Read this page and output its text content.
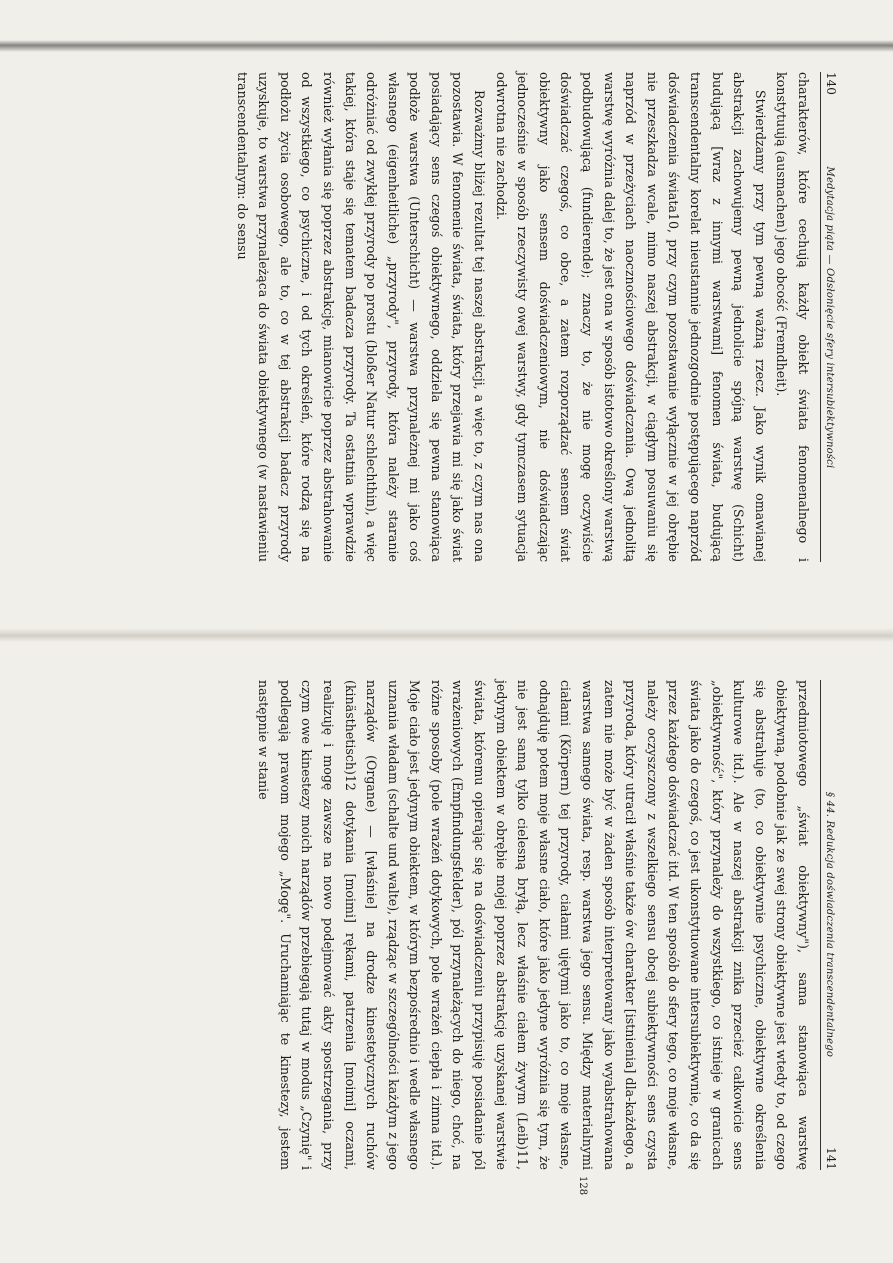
140
Medytacja piąta — Odsłonięcie sfery intersubiektywności

charakterów, które cechują każdy obiekt świata fenomenalnego i konstytuują (ausmachen) jego obcość (Fremdheit).

Stwierdzamy przy tym pewną ważną rzecz. Jako wynik omawianej abstrakcji zachowujemy pewną jednolicie spójną warstwę (Schicht) budującą [wraz z innymi warstwami] fenomen świata, budującą transcendentalny korelat nieustannie jednozgodnie postępującego naprzód doświadczenia świata10, przy czym pozostawanie wyłącznie w jej obrębie nie przeszkadza wcale, mimo naszej abstrakcji, w ciągłym posuwaniu się naprzód w przeżyciach naocznościowego doświadczania. Ową jednolitą warstwę wyróżnia dalej to, że jest ona w sposób istotowo określony warstwą podbudowującą (fundierende); znaczy to, że nie mogę oczywiście doświadczać czegoś, co obce, a zatem rozporządzać sensem świat obiektywny jako sensem doświadczeniowym, nie doświadczając jednocześnie w sposób rzeczywisty owej warstwy, gdy tymczasem sytuacja odwrotna nie zachodzi.

Rozważmy bliżej rezultat tej naszej abstrakcji, a więc to, z czym nas ona pozostawia. W fenomenie świata, świata, który przejawia mi się jako świat posiadający sens czegoś obiektywnego, oddziela się pewna stanowiąca podłoże warstwa (Unterschicht) — warstwa przynależnej mi jako coś własnego (eigenheitliche) „przyrody", przyrody, która należy staranie odróżniać od zwykłej przyrody po prostu (bloßer Natur schlechthin), a więc takiej, która staje się tematem badacza przyrody. Ta ostatnia wprawdzie również wyłania się poprzez abstrakcję, mianowicie poprzez abstrahowanie od wszystkiego, co psychiczne, i od tych określeń, które rodzą się na podłożu życia osobowego, ale to, co w tej abstrakcji badacz przyrody uzyskuje, to warstwa przynależąca do świata obiektywnego (w nastawieniu transcendentalnym: do sensu

§ 44. Redukcja doświadczenia transcendentalnego
141

przedmiotowego „świat obiektywny"), sama stanowiąca warstwę obiektywną, podobnie jak ze swej strony obiektywne jest wtedy to, od czego się abstrahuje (to, co obiektywnie psychiczne, obiektywne określenia kulturowe itd.). Ale w naszej abstrakcji znika przecież całkowicie sens „obiektywność", który przynależy do wszystkiego, co istnieje w granicach świata jako do czegoś, co jest ukonstytuowane intersubiektywnie, co da się przez każdego doświadczać itd. W ten sposób do sfery tego, co moje własne, należy oczyszczony z wszelkiego sensu obcej subiektywności sens czysta przyroda, który utracił właśnie także ów charakter [istnienia] dla-każdego, a zatem nie może być w żaden sposób interpretowany jako wyabstrahowana warstwa samego świata, resp. warstwa jego sensu. Między materialnymi ciałami (Körpern) tej przyrody, ciałami ujętymi jako to, co moje własne, odnajduję potem moje własne ciało, które jako jedyne wyróżnia się tym, że nie jest samą tylko cielesną bryłą, lecz właśnie ciałem żywym (Leib)11, jedynym obiektem w obrębie mojej poprzez abstrakcję uzyskanej warstwie świata, któremu opierając się na doświadczeniu przypisuję posiadanie pól wrażeniowych (Empfindungsfelder), pól przynależących do niego, choć, na różne sposoby (pole wrażeń dotykowych, pole wrażeń ciepła i zimna itd.). Moje ciało jest jedynym obiektem, w którym bezpośrednio i wedle własnego uznania władam (schalte und walte), rządząc w szczególności każdym z jego narządów (Organe) — [właśnie] na drodze kinestetycznych ruchów (kinästhetisch)12 dotykania [moimi] rękami, patrzenia [moimi] oczami, realizuję i mogę zawsze na nowo podejmować akty spostrzegania, przy czym owe kinestezy moich narządów przebiegają tutaj w modus „Czynię" i podlegają prawom mojego „Mogę". Uruchamiając te kinestezy, jestem następnie w stanie

128
